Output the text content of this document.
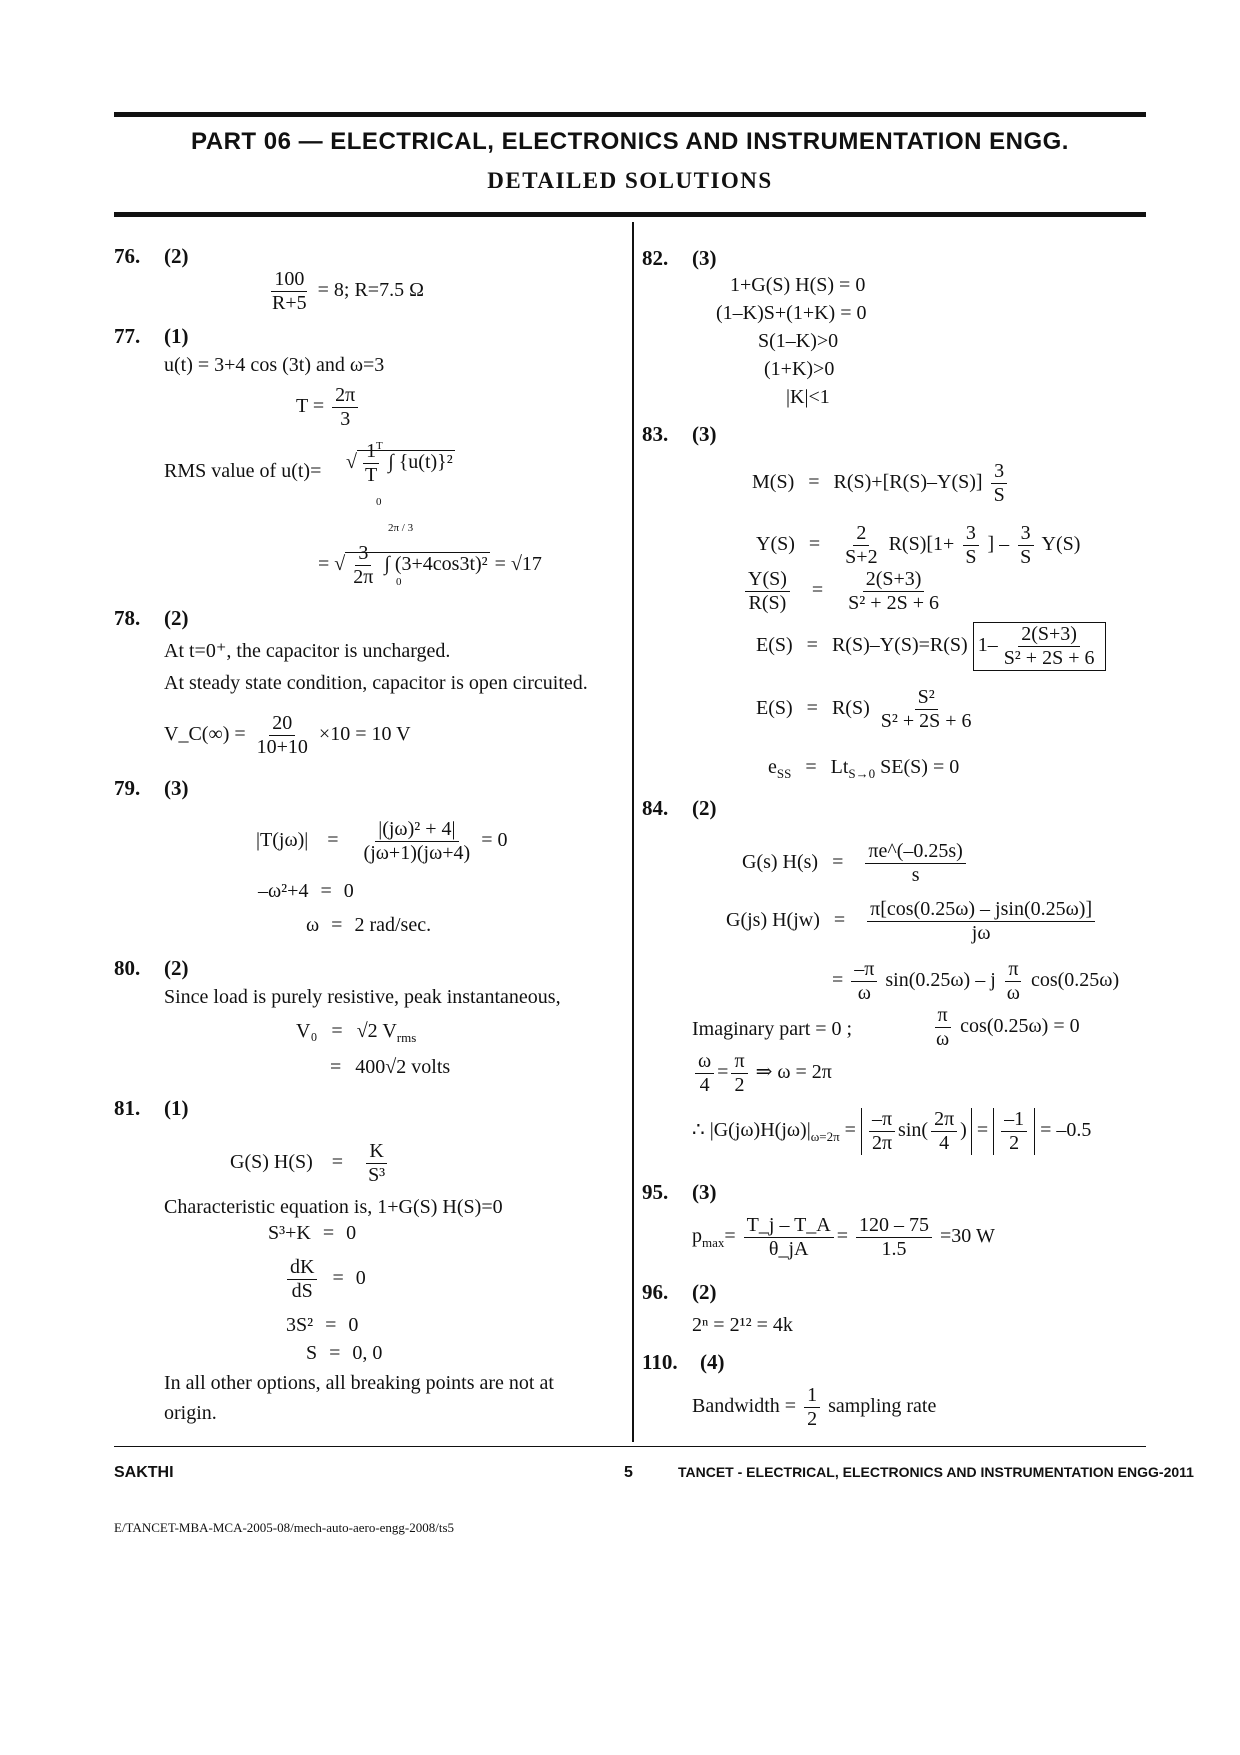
PART 06 — ELECTRICAL, ELECTRONICS AND INSTRUMENTATION ENGG.
DETAILED SOLUTIONS
76. (2)
$\frac{100}{R+5} = 8$; R=7.5 Ω
77. (1)
u(t) = 3+4 cos (3t) and ω=3
$T = \frac{2\pi}{3}$
RMS value of u(t)= √ $\frac{1}{T}$ ∫ {u(t)}²
T
0
= √ $\frac{3}{2\pi}$ ∫ (3+4cos3t)² = √17
2π / 3
0
78. (2)
At t=0⁺, the capacitor is uncharged.
At steady state condition, capacitor is open circuited.
V_C(∞) = $\frac{20}{10+10} \times 10 = 10$ V
79. (3)
$|T(j\omega)| = \frac{\text{|(jω)² + 4|}}{(j\omega+1)(j\omega+4)} = 0$
–ω²+4 = 0
ω = 2 rad/sec.
80. (2)
Since load is purely resistive, peak instantaneous,
V₀ = √2 $V_{rms}$
= 400√2 volts
81. (1)
G(S) $H(S) = \frac{K}{\text{S³}}$
Characteristic equation is, 1+G(S) H(S)=0
S³+K = 0
$\frac{dK}{dS} = 0$
3S² = 0
S = 0, 0
In all other options, all breaking points are not at
origin.
82. (3)
1+G(S) H(S) = 0
(1–K)S+(1+K) = 0
S(1–K)>0
(1+K)>0
|K|<1
83. (3)
$M(S) = R(S)+[R(S)-Y(S)] \frac{3}{S}$
$Y(S) = \frac{2}{S+2} R(S)[1+ \frac{3}{S}$ ] – $\frac{3}{S} Y(S)$
$\frac{Y(S)}{R(S)} = \frac{2(S+3)}{\text{S² + 2S + 6}}$
E(S) = R(S)–Y(S)=R(S) $1- \frac{2(S+3)}{\text{S² + 2S + 6}}$
$E(S) = R(S) \frac{\text{S²}}{\text{S² + 2S + 6}}$
$e_{SS} = Lt_{S\to 0}$ SE(S) = 0
84. (2)
G(s) $H(s) = \frac{\pi e\^{}(-0.25s)}{s}$
G(js) $H(jw) = \frac{\pi[\cos(0.25\omega) - jsin(0.25\omega)]}{j\omega}$
= $\frac{-\pi}{\omega} \sin(0.25\omega)$ – j $\frac{\pi}{\omega} \cos(0.25\omega)$
Imaginary part = 0 ;	$\frac{\pi}{\omega} \cos(0.25\omega) = 0$
$\frac{\omega}{4} = \frac{\pi}{2}$ ⇒ ω = 2π
∴ $|G(j\omega)H(j\omega)|_{\omega=2\pi} = \frac{-\pi}{2\pi} \sin( \frac{2\pi}{4}$ ) = $\frac{-1}{2} = -0.5$
95. (3)
$p_{max}= \frac{T\_j - T\_A}{\theta\_jA} = \frac{120 - 75}{1.5} =30$ W
96. (2)
2ⁿ = 2¹² = 4k
110. (4)
Bandwidth = $\frac{1}{2}$ sampling rate
SAKTHI	5	TANCET - ELECTRICAL, ELECTRONICS AND INSTRUMENTATION ENGG-2011
E/TANCET-MBA-MCA-2005-08/mech-auto-aero-engg-2008/ts5
